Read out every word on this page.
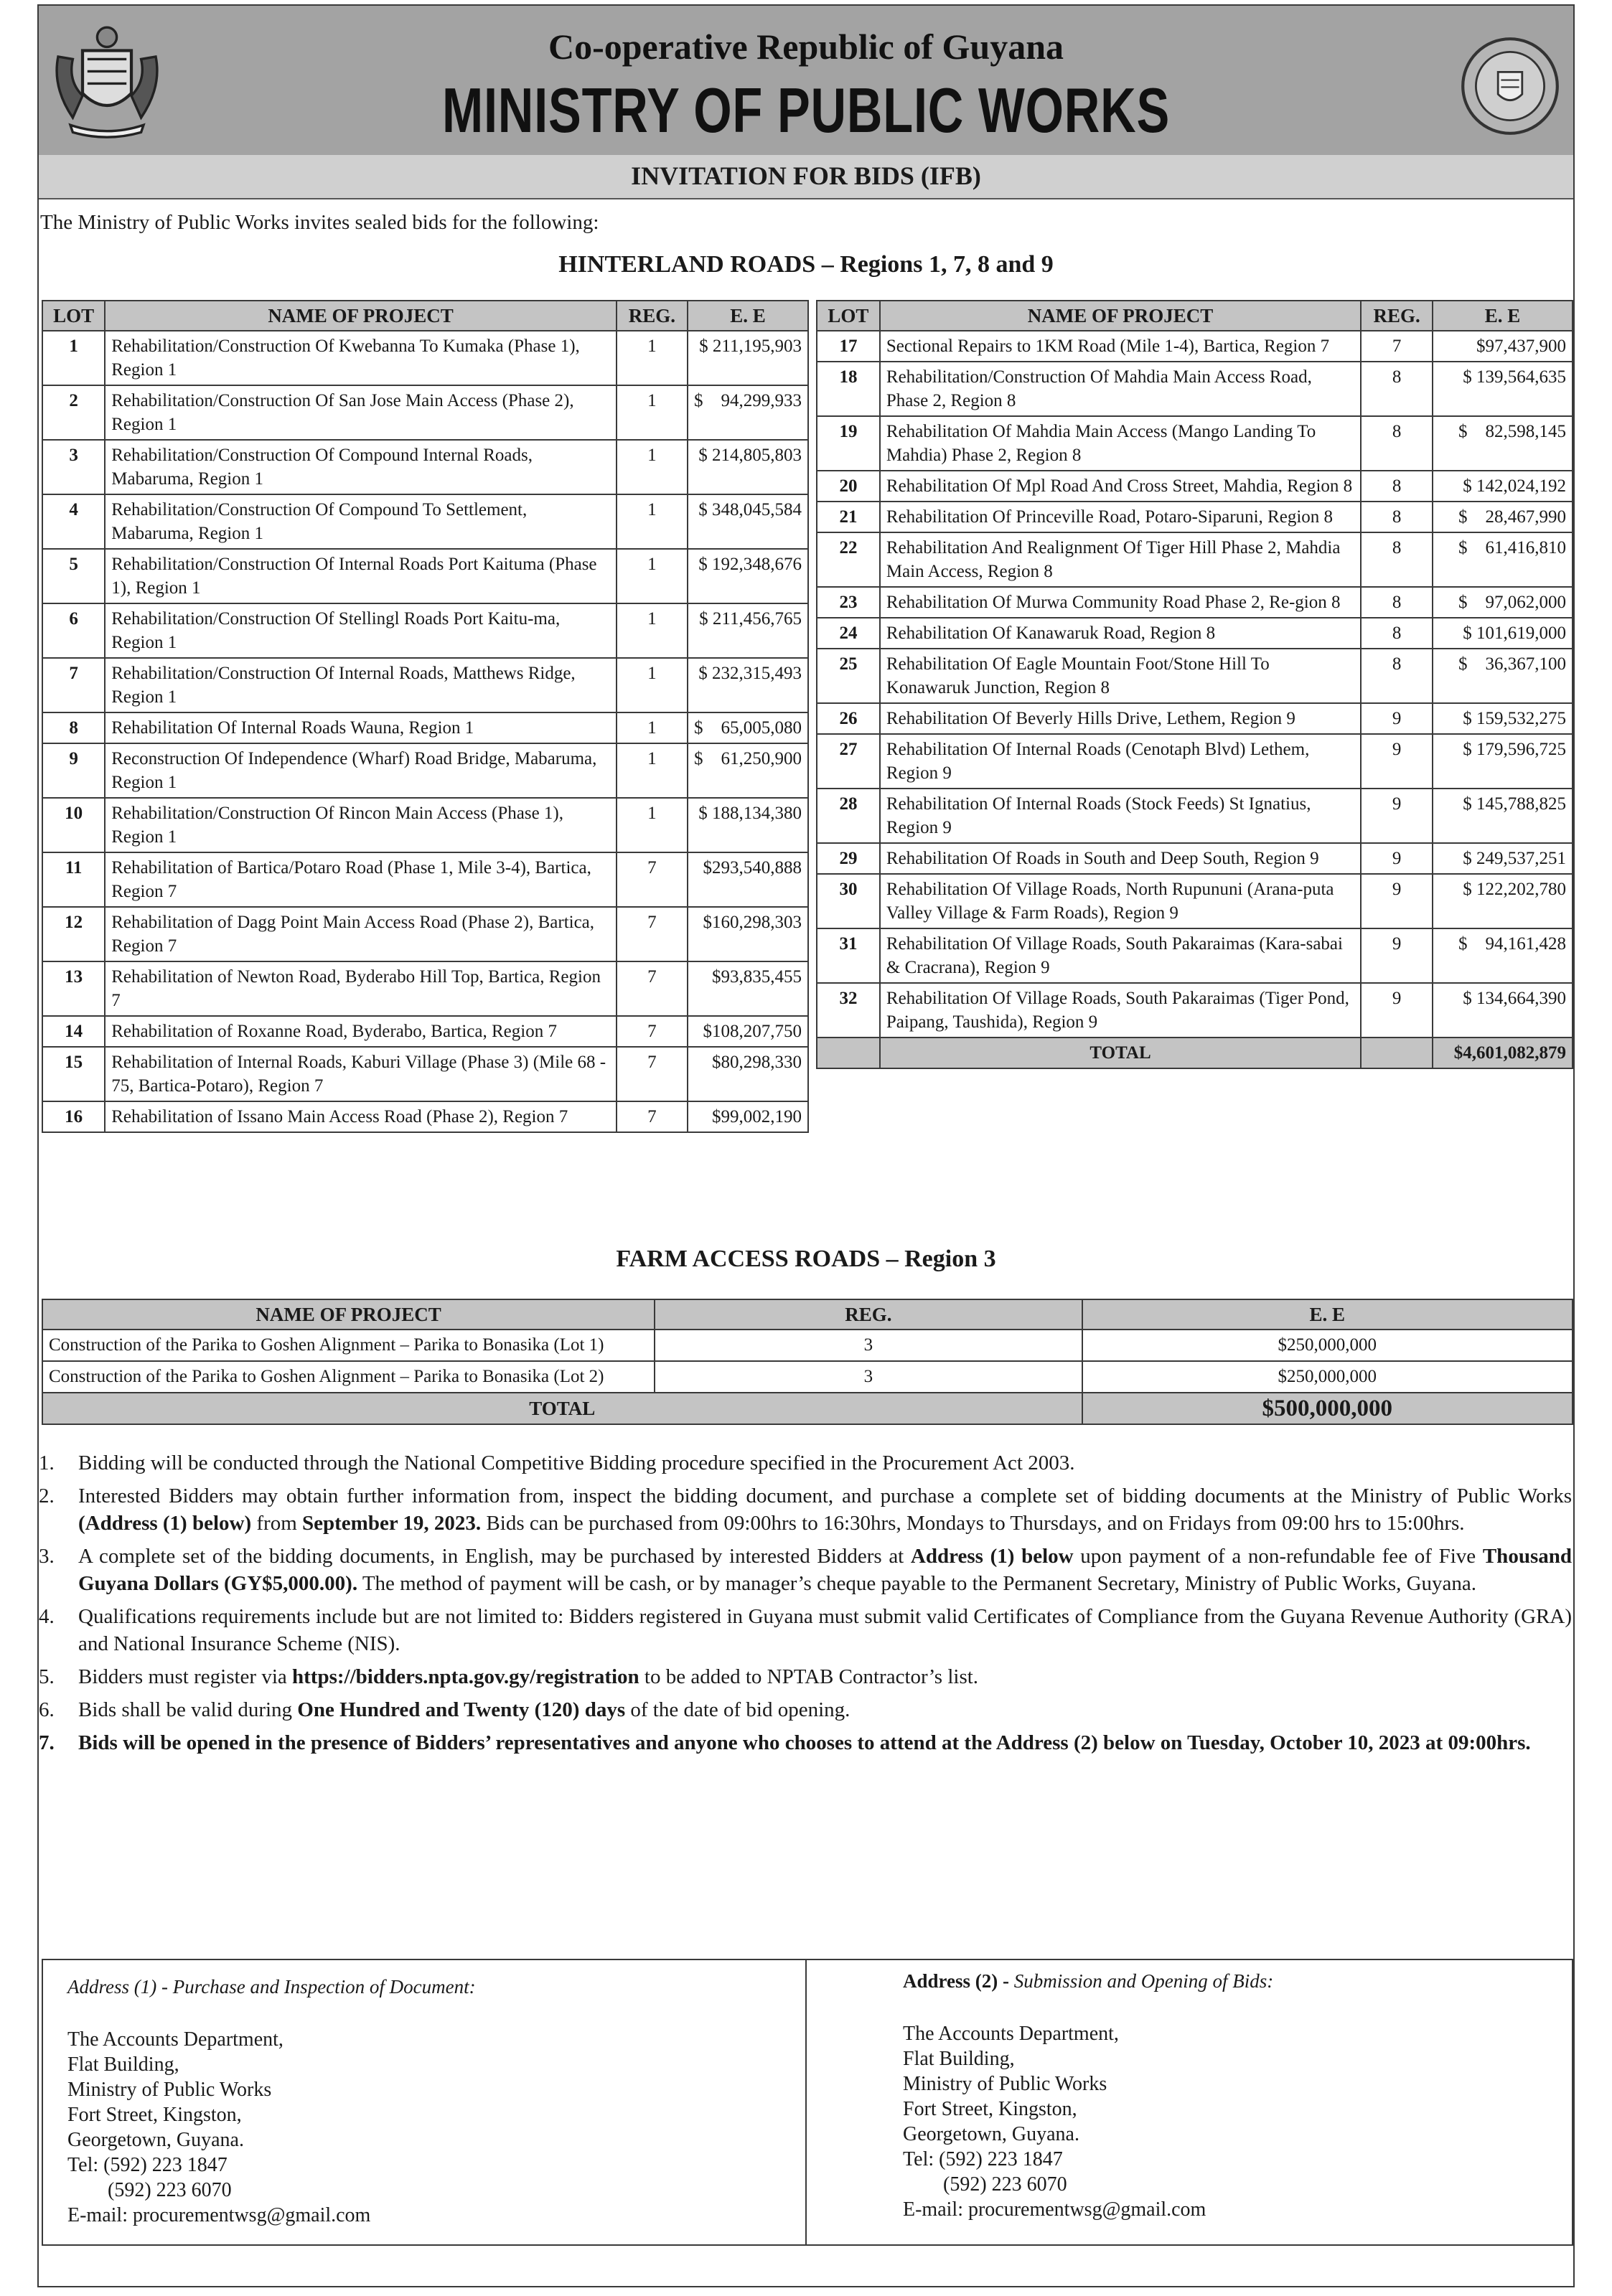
Co-operative Republic of Guyana
MINISTRY OF PUBLIC WORKS
INVITATION FOR BIDS (IFB)
The Ministry of Public Works invites sealed bids for the following:
HINTERLAND ROADS – Regions 1, 7, 8 and 9
LOT	NAME OF PROJECT	REG.	E. E
1	Rehabilitation/Construction Of Kwebanna To Kumaka (Phase 1), Region 1	1	$ 211,195,903
2	Rehabilitation/Construction Of San Jose Main Access (Phase 2), Region 1	1	$    94,299,933
3	Rehabilitation/Construction Of Compound Internal Roads, Mabaruma, Region 1	1	$ 214,805,803
4	Rehabilitation/Construction Of Compound To Settlement, Mabaruma, Region 1	1	$ 348,045,584
5	Rehabilitation/Construction Of Internal Roads Port Kaituma (Phase 1), Region 1	1	$ 192,348,676
6	Rehabilitation/Construction Of Stellingl Roads Port Kaitu-ma, Region 1	1	$ 211,456,765
7	Rehabilitation/Construction Of Internal Roads, Matthews Ridge, Region 1	1	$ 232,315,493
8	Rehabilitation Of Internal Roads Wauna, Region 1	1	$    65,005,080
9	Reconstruction Of Independence (Wharf) Road Bridge, Mabaruma, Region 1	1	$    61,250,900
10	Rehabilitation/Construction Of Rincon Main Access (Phase 1), Region 1	1	$ 188,134,380
11	Rehabilitation of Bartica/Potaro Road (Phase 1, Mile 3-4), Bartica, Region 7	7	$293,540,888
12	Rehabilitation of Dagg Point Main Access Road (Phase 2), Bartica, Region 7	7	$160,298,303
13	Rehabilitation of Newton Road, Byderabo Hill Top, Bartica, Region 7	7	$93,835,455
14	Rehabilitation of Roxanne Road, Byderabo, Bartica, Region 7	7	$108,207,750
15	Rehabilitation of Internal Roads, Kaburi Village (Phase 3) (Mile 68 - 75, Bartica-Potaro), Region 7	7	$80,298,330
16	Rehabilitation of Issano Main Access Road (Phase 2), Region 7	7	$99,002,190
LOT	NAME OF PROJECT	REG.	E. E
17	Sectional Repairs to 1KM Road (Mile 1-4), Bartica, Region 7	7	$97,437,900
18	Rehabilitation/Construction Of Mahdia Main Access Road, Phase 2, Region 8	8	$ 139,564,635
19	Rehabilitation Of Mahdia Main Access (Mango Landing To Mahdia) Phase 2, Region 8	8	$    82,598,145
20	Rehabilitation Of Mpl Road And Cross Street, Mahdia, Region 8	8	$ 142,024,192
21	Rehabilitation Of Princeville Road, Potaro-Siparuni, Region 8	8	$    28,467,990
22	Rehabilitation And Realignment Of Tiger Hill Phase 2, Mahdia Main Access, Region 8	8	$    61,416,810
23	Rehabilitation Of Murwa Community Road Phase 2, Re-gion 8	8	$    97,062,000
24	Rehabilitation Of Kanawaruk Road, Region 8	8	$ 101,619,000
25	Rehabilitation Of Eagle Mountain Foot/Stone Hill To Konawaruk Junction, Region 8	8	$    36,367,100
26	Rehabilitation Of Beverly Hills Drive, Lethem, Region 9	9	$ 159,532,275
27	Rehabilitation Of Internal Roads (Cenotaph Blvd) Lethem, Region 9	9	$ 179,596,725
28	Rehabilitation Of Internal Roads (Stock Feeds) St Ignatius, Region 9	9	$ 145,788,825
29	Rehabilitation Of Roads in South and Deep South, Region 9	9	$ 249,537,251
30	Rehabilitation Of Village Roads, North Rupununi (Arana-puta Valley Village & Farm Roads), Region 9	9	$ 122,202,780
31	Rehabilitation Of Village Roads, South Pakaraimas (Kara-sabai & Cracrana), Region 9	9	$    94,161,428
32	Rehabilitation Of Village Roads, South Pakaraimas (Tiger Pond, Paipang, Taushida), Region 9	9	$ 134,664,390
	TOTAL		$4,601,082,879
FARM ACCESS ROADS – Region 3
NAME OF PROJECT	REG.	E. E
Construction of the Parika to Goshen Alignment – Parika to Bonasika (Lot 1)	3	$250,000,000
Construction of the Parika to Goshen Alignment – Parika to Bonasika (Lot 2)	3	$250,000,000
TOTAL		$500,000,000
1. Bidding will be conducted through the National Competitive Bidding procedure specified in the Procurement Act 2003.
2. Interested Bidders may obtain further information from, inspect the bidding document, and purchase a complete set of bidding documents at the Ministry of Public Works (Address (1) below) from September 19, 2023. Bids can be purchased from 09:00hrs to 16:30hrs, Mondays to Thursdays, and on Fridays from 09:00 hrs to 15:00hrs.
3. A complete set of the bidding documents, in English, may be purchased by interested Bidders at Address (1) below upon payment of a non-refundable fee of Five Thousand Guyana Dollars (GY$5,000.00). The method of payment will be cash, or by manager’s cheque payable to the Permanent Secretary, Ministry of Public Works, Guyana.
4. Qualifications requirements include but are not limited to: Bidders registered in Guyana must submit valid Certificates of Compliance from the Guyana Revenue Authority (GRA) and National Insurance Scheme (NIS).
5. Bidders must register via https://bidders.npta.gov.gy/registration to be added to NPTAB Contractor’s list.
6. Bids shall be valid during One Hundred and Twenty (120) days of the date of bid opening.
7. Bids will be opened in the presence of Bidders’ representatives and anyone who chooses to attend at the Address (2) below on Tuesday, October 10, 2023 at 09:00hrs.
Address (1) - Purchase and Inspection of Document:
The Accounts Department,
Flat Building,
Ministry of Public Works
Fort Street, Kingston,
Georgetown, Guyana.
Tel: (592) 223 1847
(592) 223 6070
E-mail: procurementwsg@gmail.com
Address (2) - Submission and Opening of Bids:
The Accounts Department,
Flat Building,
Ministry of Public Works
Fort Street, Kingston,
Georgetown, Guyana.
Tel: (592) 223 1847
(592) 223 6070
E-mail: procurementwsg@gmail.com
